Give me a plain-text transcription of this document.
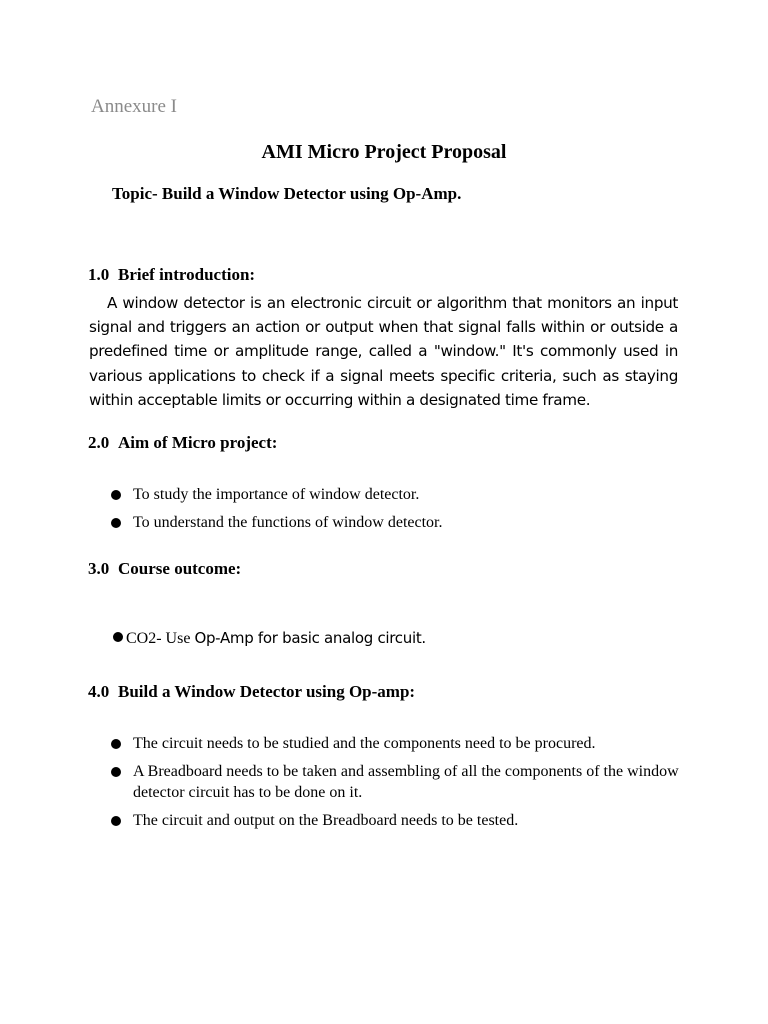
Annexure I
AMI Micro Project Proposal
Topic- Build a Window Detector using Op-Amp.
1.0 Brief introduction:
A window detector is an electronic circuit or algorithm that monitors an input signal and triggers an action or output when that signal falls within or outside a predefined time or amplitude range, called a "window." It's commonly used in various applications to check if a signal meets specific criteria, such as staying within acceptable limits or occurring within a designated time frame.
2.0 Aim of Micro project:
To study the importance of window detector.
To understand the functions of window detector.
3.0 Course outcome:
CO2- Use Op-Amp for basic analog circuit.
4.0 Build a Window Detector using Op-amp:
The circuit needs to be studied and the components need to be procured.
A Breadboard needs to be taken and assembling of all the components of the window detector circuit has to be done on it.
The circuit and output on the Breadboard needs to be tested.
